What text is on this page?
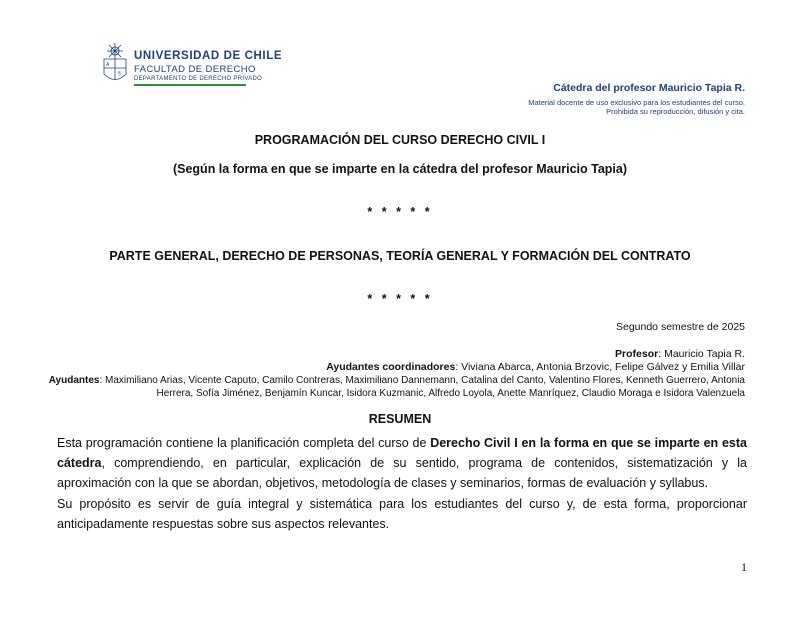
A
§
UNIVERSIDAD DE CHILE
FACULTAD DE DERECHO
DEPARTAMENTO DE DERECHO PRIVADO
Cátedra del profesor Mauricio Tapia R.
Material docente de uso exclusivo para los estudiantes del curso.
Prohibida su reproducción, difusión y cita.
PROGRAMACIÓN DEL CURSO DERECHO CIVIL I
(Según la forma en que se imparte en la cátedra del profesor Mauricio Tapia)
* * * * *
PARTE GENERAL, DERECHO DE PERSONAS, TEORÍA GENERAL Y FORMACIÓN DEL CONTRATO
* * * * *
Segundo semestre de 2025
Profesor: Mauricio Tapia R.
Ayudantes coordinadores: Viviana Abarca, Antonia Brzovic, Felipe Gálvez y Emilia Villar
Ayudantes: Maximiliano Arias, Vicente Caputo, Camilo Contreras, Maximiliano Dannemann, Catalina del Canto, Valentino Flores, Kenneth Guerrero, Antonia Herrera, Sofía Jiménez, Benjamín Kuncar, Isidora Kuzmanic, Alfredo Loyola, Anette Manríquez, Claudio Moraga e Isidora Valenzuela
RESUMEN
Esta programación contiene la planificación completa del curso de Derecho Civil I en la forma en que se imparte en esta cátedra, comprendiendo, en particular, explicación de su sentido, programa de contenidos, sistematización y la aproximación con la que se abordan, objetivos, metodología de clases y seminarios, formas de evaluación y syllabus.
Su propósito es servir de guía integral y sistemática para los estudiantes del curso y, de esta forma, proporcionar anticipadamente respuestas sobre sus aspectos relevantes.
1
